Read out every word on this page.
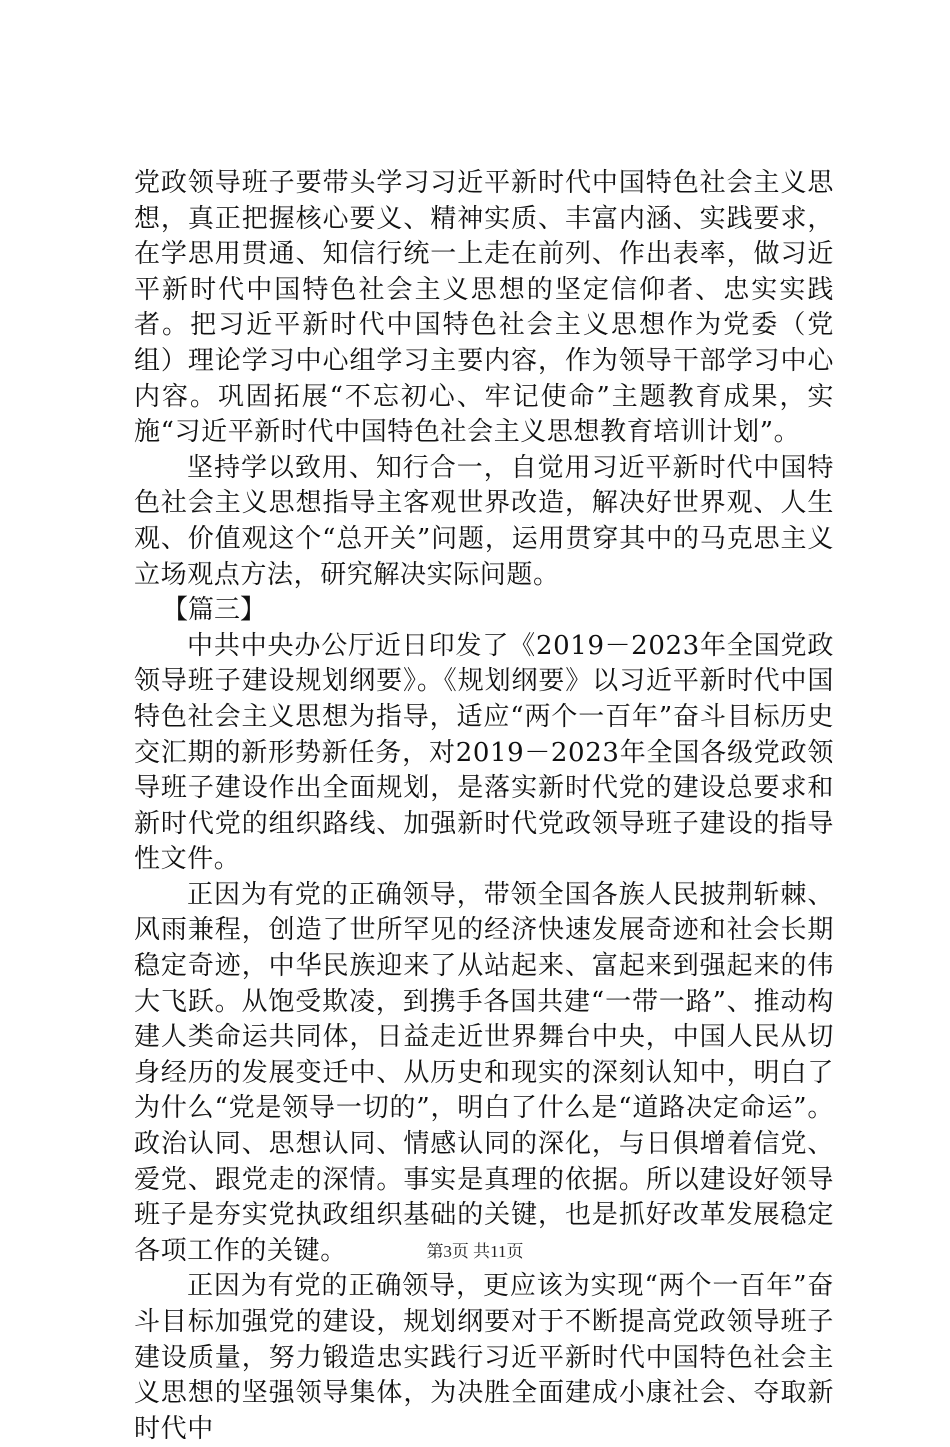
党政领导班子要带头学习习近平新时代中国特色社会主义思想，真正把握核心要义、精神实质、丰富内涵、实践要求，在学思用贯通、知信行统一上走在前列、作出表率，做习近平新时代中国特色社会主义思想的坚定信仰者、忠实实践者。把习近平新时代中国特色社会主义思想作为党委（党组）理论学习中心组学习主要内容，作为领导干部学习中心内容。巩固拓展“不忘初心、牢记使命”主题教育成果，实施“习近平新时代中国特色社会主义思想教育培训计划”。

坚持学以致用、知行合一，自觉用习近平新时代中国特色社会主义思想指导主客观世界改造，解决好世界观、人生观、价值观这个“总开关”问题，运用贯穿其中的马克思主义立场观点方法，研究解决实际问题。

【篇三】

中共中央办公厅近日印发了《2019－2023年全国党政领导班子建设规划纲要》。《规划纲要》以习近平新时代中国特色社会主义思想为指导，适应“两个一百年”奋斗目标历史交汇期的新形势新任务，对2019－2023年全国各级党政领导班子建设作出全面规划，是落实新时代党的建设总要求和新时代党的组织路线、加强新时代党政领导班子建设的指导性文件。

正因为有党的正确领导，带领全国各族人民披荆斩棘、风雨兼程，创造了世所罕见的经济快速发展奇迹和社会长期稳定奇迹，中华民族迎来了从站起来、富起来到强起来的伟大飞跃。从饱受欺凌，到携手各国共建“一带一路”、推动构建人类命运共同体，日益走近世界舞台中央，中国人民从切身经历的发展变迁中、从历史和现实的深刻认知中，明白了为什么“党是领导一切的”，明白了什么是“道路决定命运”。政治认同、思想认同、情感认同的深化，与日俱增着信党、爱党、跟党走的深情。事实是真理的依据。所以建设好领导班子是夯实党执政组织基础的关键，也是抓好改革发展稳定各项工作的关键。

正因为有党的正确领导，更应该为实现“两个一百年”奋斗目标加强党的建设，规划纲要对于不断提高党政领导班子建设质量，努力锻造忠实践行习近平新时代中国特色社会主义思想的坚强领导集体，为决胜全面建成小康社会、夺取新时代中

第3页 共11页
